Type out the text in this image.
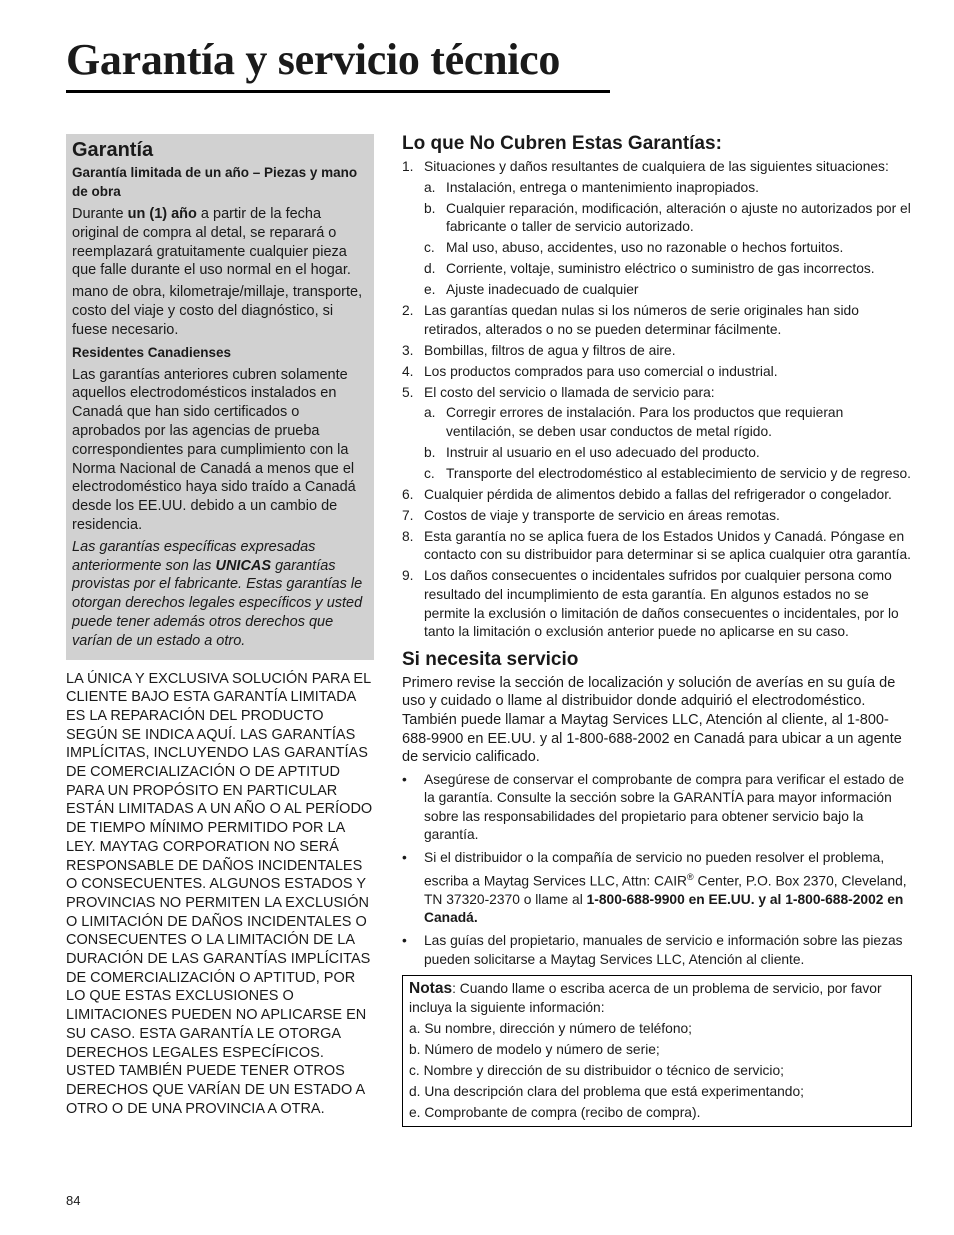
Garantía y servicio técnico
Garantía
Garantía limitada de un año – Piezas y mano de obra

Durante un (1) año a partir de la fecha original de compra al detal, se reparará o reemplazará gratuitamente cualquier pieza que falle durante el uso normal en el hogar.

mano de obra, kilometraje/millaje, transporte, costo del viaje y costo del diagnóstico, si fuese necesario.

Residentes Canadienses

Las garantías anteriores cubren solamente aquellos electrodomésticos instalados en Canadá que han sido certificados o aprobados por las agencias de prueba correspondientes para cumplimiento con la Norma Nacional de Canadá a menos que el electrodoméstico haya sido traído a Canadá desde los EE.UU. debido a un cambio de residencia.

Las garantías específicas expresadas anteriormente son las UNICAS garantías provistas por el fabricante. Estas garantías le otorgan derechos legales específicos y usted puede tener además otros derechos que varían de un estado a otro.

LA ÚNICA Y EXCLUSIVA SOLUCIÓN PARA EL CLIENTE BAJO ESTA GARANTÍA LIMITADA ES LA REPARACIÓN DEL PRODUCTO SEGÚN SE INDICA AQUÍ. LAS GARANTÍAS IMPLÍCITAS, INCLUYENDO LAS GARANTÍAS DE COMERCIALIZACIÓN O DE APTITUD PARA UN PROPÓSITO EN PARTICULAR ESTÁN LIMITADAS A UN AÑO O AL PERÍODO DE TIEMPO MÍNIMO PERMITIDO POR LA LEY. MAYTAG CORPORATION NO SERÁ RESPONSABLE DE DAÑOS INCIDENTALES O CONSECUENTES. ALGUNOS ESTADOS Y PROVINCIAS NO PERMITEN LA EXCLUSIÓN O LIMITACIÓN DE DAÑOS INCIDENTALES O CONSECUENTES O LA LIMITACIÓN DE LA DURACIÓN DE LAS GARANTÍAS IMPLÍCITAS DE COMERCIALIZACIÓN O APTITUD, POR LO QUE ESTAS EXCLUSIONES O LIMITACIONES PUEDEN NO APLICARSE EN SU CASO. ESTA GARANTÍA LE OTORGA DERECHOS LEGALES ESPECÍFICOS. USTED TAMBIÉN PUEDE TENER OTROS DERECHOS QUE VARÍAN DE UN ESTADO A OTRO O DE UNA PROVINCIA A OTRA.

Lo que No Cubren Estas Garantías:
1. Situaciones y daños resultantes de cualquiera de las siguientes situaciones:
a. Instalación, entrega o mantenimiento inapropiados.
b. Cualquier reparación, modificación, alteración o ajuste no autorizados por el fabricante o taller de servicio autorizado.
c. Mal uso, abuso, accidentes, uso no razonable o hechos fortuitos.
d. Corriente, voltaje, suministro eléctrico o suministro de gas incorrectos.
e. Ajuste inadecuado de cualquier
2. Las garantías quedan nulas si los números de serie originales han sido retirados, alterados o no se pueden determinar fácilmente.
3. Bombillas, filtros de agua y filtros de aire.
4. Los productos comprados para uso comercial o industrial.
5. El costo del servicio o llamada de servicio para:
a. Corregir errores de instalación. Para los productos que requieran ventilación, se deben usar conductos de metal rígido.
b. Instruir al usuario en el uso adecuado del producto.
c. Transporte del electrodoméstico al establecimiento de servicio y de regreso.
6. Cualquier pérdida de alimentos debido a fallas del refrigerador o congelador.
7. Costos de viaje y transporte de servicio en áreas remotas.
8. Esta garantía no se aplica fuera de los Estados Unidos y Canadá. Póngase en contacto con su distribuidor para determinar si se aplica cualquier otra garantía.
9. Los daños consecuentes o incidentales sufridos por cualquier persona como resultado del incumplimiento de esta garantía. En algunos estados no se permite la exclusión o limitación de daños consecuentes o incidentales, por lo tanto la limitación o exclusión anterior puede no aplicarse en su caso.
Si necesita servicio

Primero revise la sección de localización y solución de averías en su guía de uso y cuidado o llame al distribuidor donde adquirió el electrodoméstico. También puede llamar a Maytag Services LLC, Atención al cliente, al 1-800-688-9900 en EE.UU. y al 1-800-688-2002 en Canadá para ubicar a un agente de servicio calificado.

•	Asegúrese de conservar el comprobante de compra para verificar el estado de la garantía. Consulte la sección sobre la GARANTÍA para mayor información sobre las responsabilidades del propietario para obtener servicio bajo la garantía.
•	Si el distribuidor o la compañía de servicio no pueden resolver el problema, escriba a Maytag Services LLC, Attn: CAIR® Center, P.O. Box 2370, Cleveland, TN 37320-2370 o llame al 1-800-688-9900 en EE.UU. y al 1-800-688-2002 en Canadá.
•	Las guías del propietario, manuales de servicio e información sobre las piezas pueden solicitarse a Maytag Services LLC, Atención al cliente.

Notas: Cuando llame o escriba acerca de un problema de servicio, por favor incluya la siguiente información:

a. Su nombre, dirección y número de teléfono;

b. Número de modelo y número de serie;

c. Nombre y dirección de su distribuidor o técnico de servicio;

d. Una descripción clara del problema que está experimentando;

e. Comprobante de compra (recibo de compra).

84
